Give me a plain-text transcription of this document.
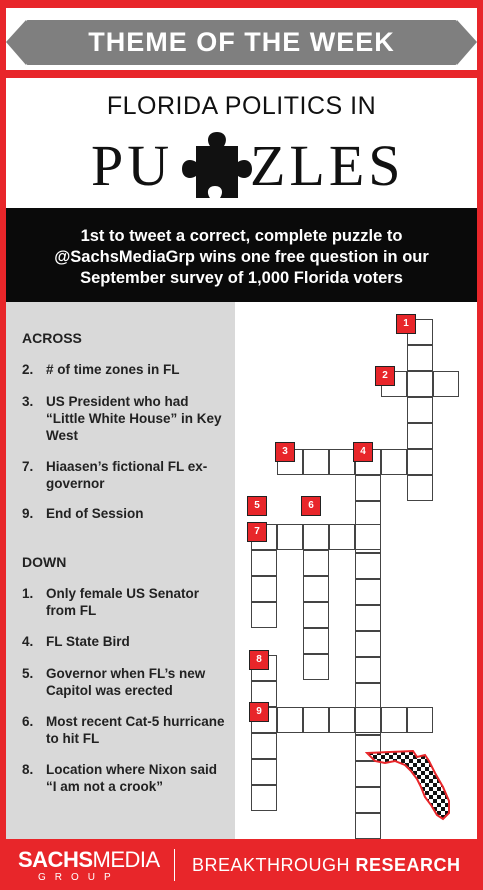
THEME OF THE WEEK
FLORIDA POLITICS IN
PU ZLES
1st to tweet a correct, complete puzzle to @SachsMediaGrp wins one free question in our September survey of 1,000 Florida voters
ACROSS
2. # of time zones in FL
3. US President who had “Little White House” in Key West
7. Hiaasen’s fictional FL ex-governor
9. End of Session
DOWN
1. Only female US Senator from FL
4. FL State Bird
5. Governor when FL’s new Capitol was erected
6. Most recent Cat-5 hurricane to hit FL
8. Location where Nixon said “I am not a crook”
1
2
3	4
5	6
7
8
9
SACHSMEDIA
GROUP
BREAKTHROUGH RESEARCH
